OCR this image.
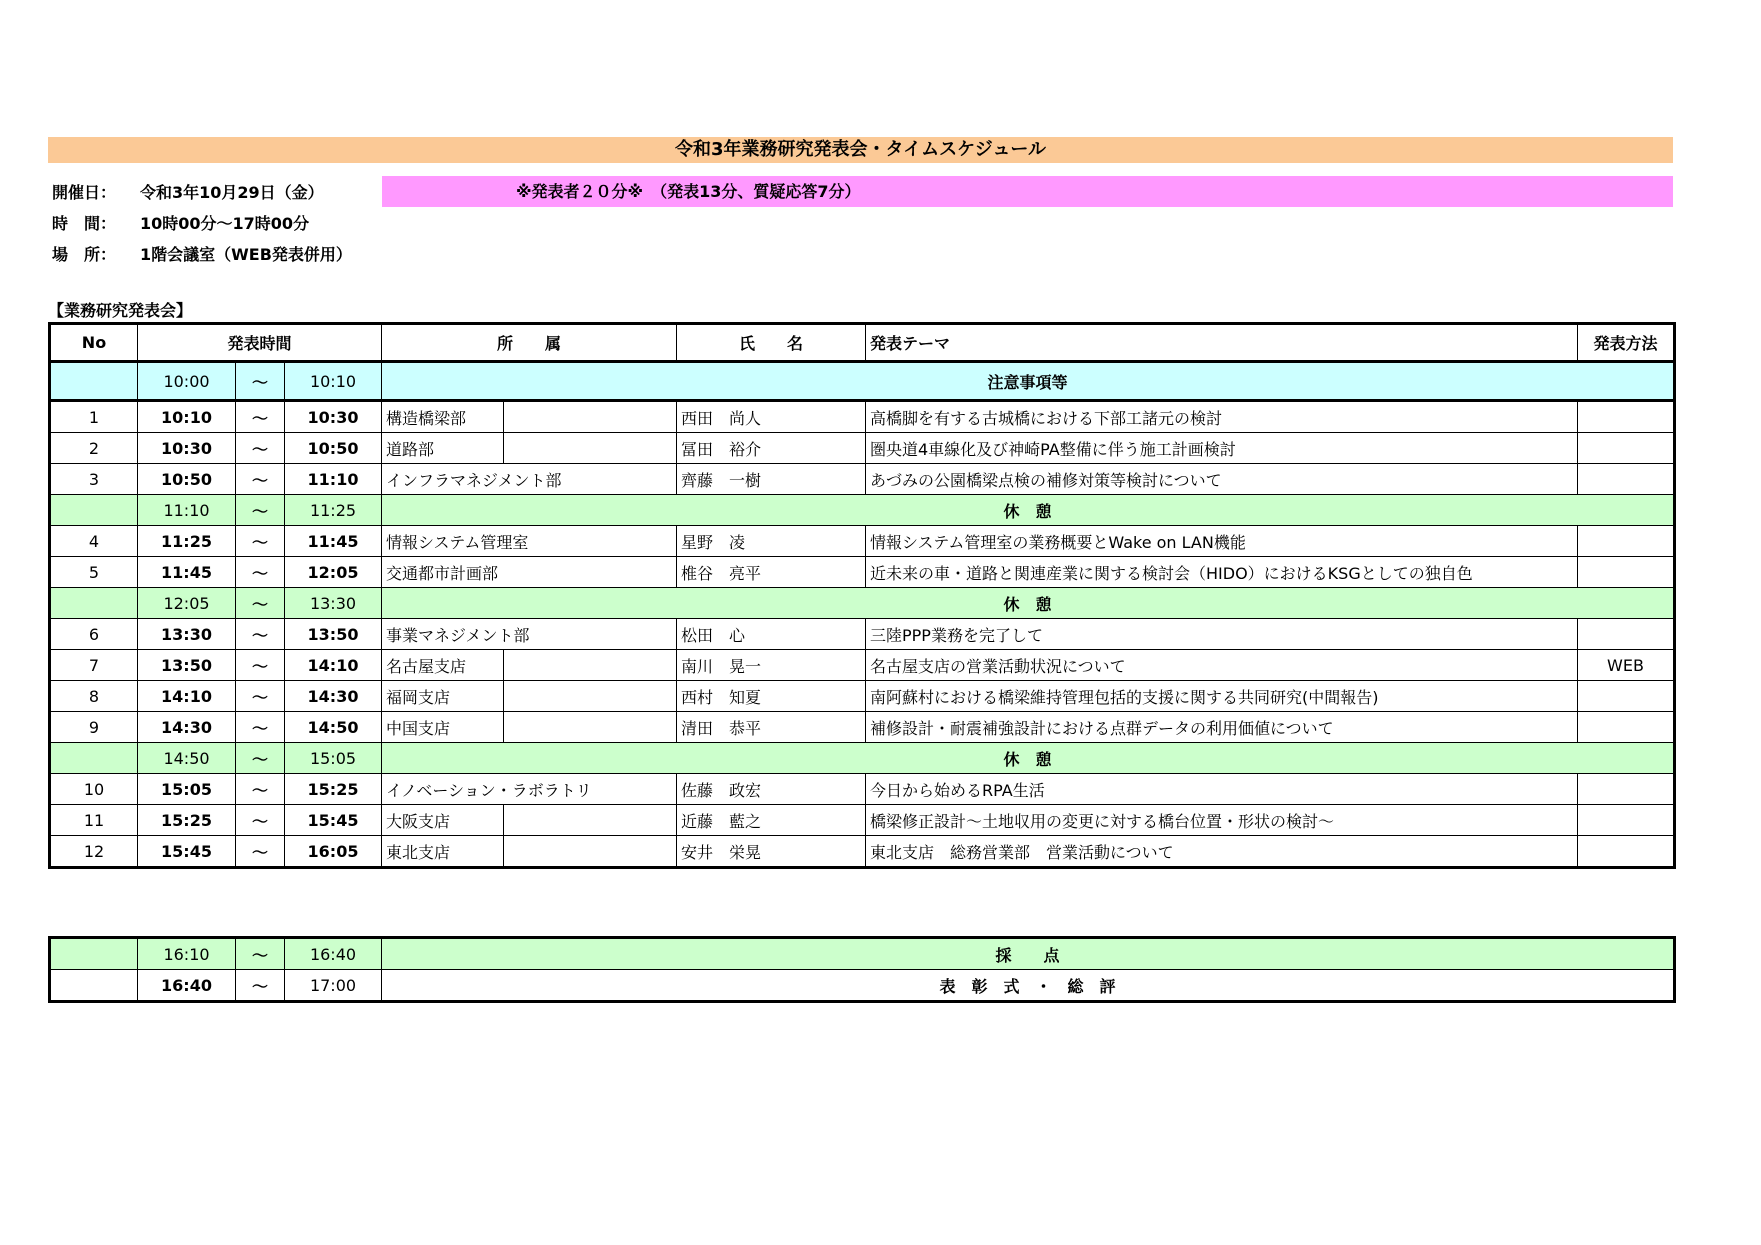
令和3年業務研究発表会・タイムスケジュール
※発表者２０分※　（発表13分、質疑応答7分）
開催日： 令和3年10月29日（金）
時　間： 10時00分～17時00分
場　所： 1階会議室（WEB発表併用）
【業務研究発表会】
No	発表時間			所　　属		氏　　名	発表テーマ	発表方法
	10:00	～	10:10	注意事項等				
1	10:10	～	10:30	構造橋梁部		西田　尚人	高橋脚を有する古城橋における下部工諸元の検討	
2	10:30	～	10:50	道路部		冨田　裕介	圏央道4車線化及び神崎PA整備に伴う施工計画検討	
3	10:50	～	11:10	インフラマネジメント部		齊藤　一樹	あづみの公園橋梁点検の補修対策等検討について	
	11:10	～	11:25	休　憩				
4	11:25	～	11:45	情報システム管理室		星野　凌	情報システム管理室の業務概要とWake on LAN機能	
5	11:45	～	12:05	交通都市計画部		椎谷　亮平	近未来の車・道路と関連産業に関する検討会（HIDO）におけるKSGとしての独自色	
	12:05	～	13:30	休　憩				
6	13:30	～	13:50	事業マネジメント部		松田　心	三陸PPP業務を完了して	
7	13:50	～	14:10	名古屋支店		南川　晃一	名古屋支店の営業活動状況について	WEB
8	14:10	～	14:30	福岡支店		西村　知夏	南阿蘇村における橋梁維持管理包括的支援に関する共同研究(中間報告)	
9	14:30	～	14:50	中国支店		清田　恭平	補修設計・耐震補強設計における点群データの利用価値について	
	14:50	～	15:05	休　憩				
10	15:05	～	15:25	イノベーション・ラボラトリ		佐藤　政宏	今日から始めるRPA生活	
11	15:25	～	15:45	大阪支店		近藤　藍之	橋梁修正設計～土地収用の変更に対する橋台位置・形状の検討～	
12	15:45	～	16:05	東北支店		安井　栄晃	東北支店　総務営業部　営業活動について	
	16:10	～	16:40	採　　点
	16:40	～	17:00	表　彰　式　・　総　評
